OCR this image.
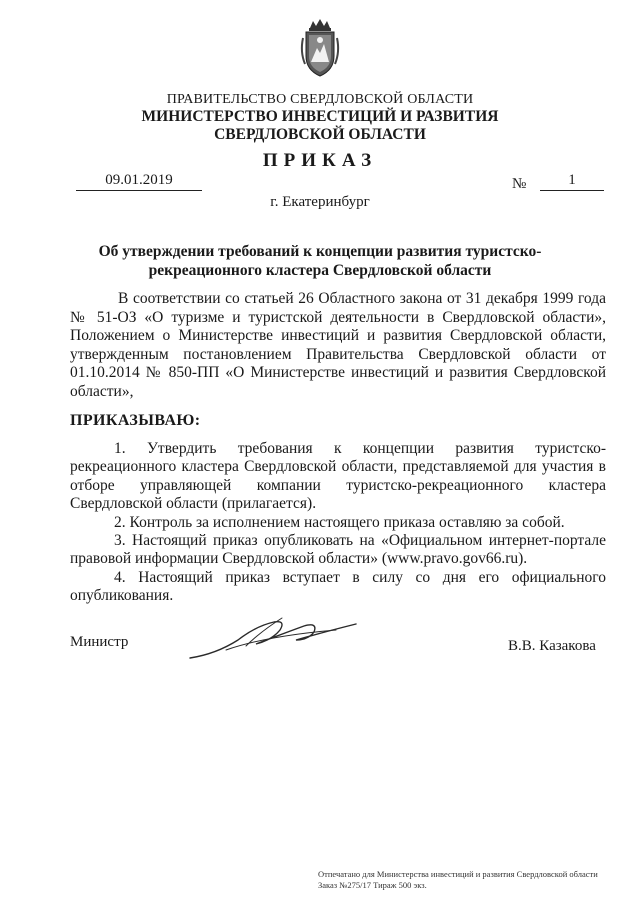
ПРАВИТЕЛЬСТВО СВЕРДЛОВСКОЙ ОБЛАСТИ
МИНИСТЕРСТВО ИНВЕСТИЦИЙ И РАЗВИТИЯ
СВЕРДЛОВСКОЙ ОБЛАСТИ
ПРИКАЗ
09.01.2019	№	1
г. Екатеринбург
Об утверждении требований к концепции развития туристско-рекреационного кластера Свердловской области

В соответствии со статьей 26 Областного закона от 31 декабря 1999 года № 51-ОЗ «О туризме и туристской деятельности в Свердловской области», Положением о Министерстве инвестиций и развития Свердловской области, утвержденным постановлением Правительства Свердловской области от 01.10.2014 № 850-ПП «О Министерстве инвестиций и развития Свердловской области»,

ПРИКАЗЫВАЮ:

1. Утвердить требования к концепции развития туристско-рекреационного кластера Свердловской области, представляемой для участия в отборе управляющей компании туристско-рекреационного кластера Свердловской области (прилагается).

2. Контроль за исполнением настоящего приказа оставляю за собой.

3. Настоящий приказ опубликовать на «Официальном интернет-портале правовой информации Свердловской области» (www.pravo.gov66.ru).

4. Настоящий приказ вступает в силу со дня его официального опубликования.

Министр	В.В. Казакова
Отпечатано для Министерства инвестиций и развития Свердловской области
Заказ №275/17 Тираж 500 экз.
